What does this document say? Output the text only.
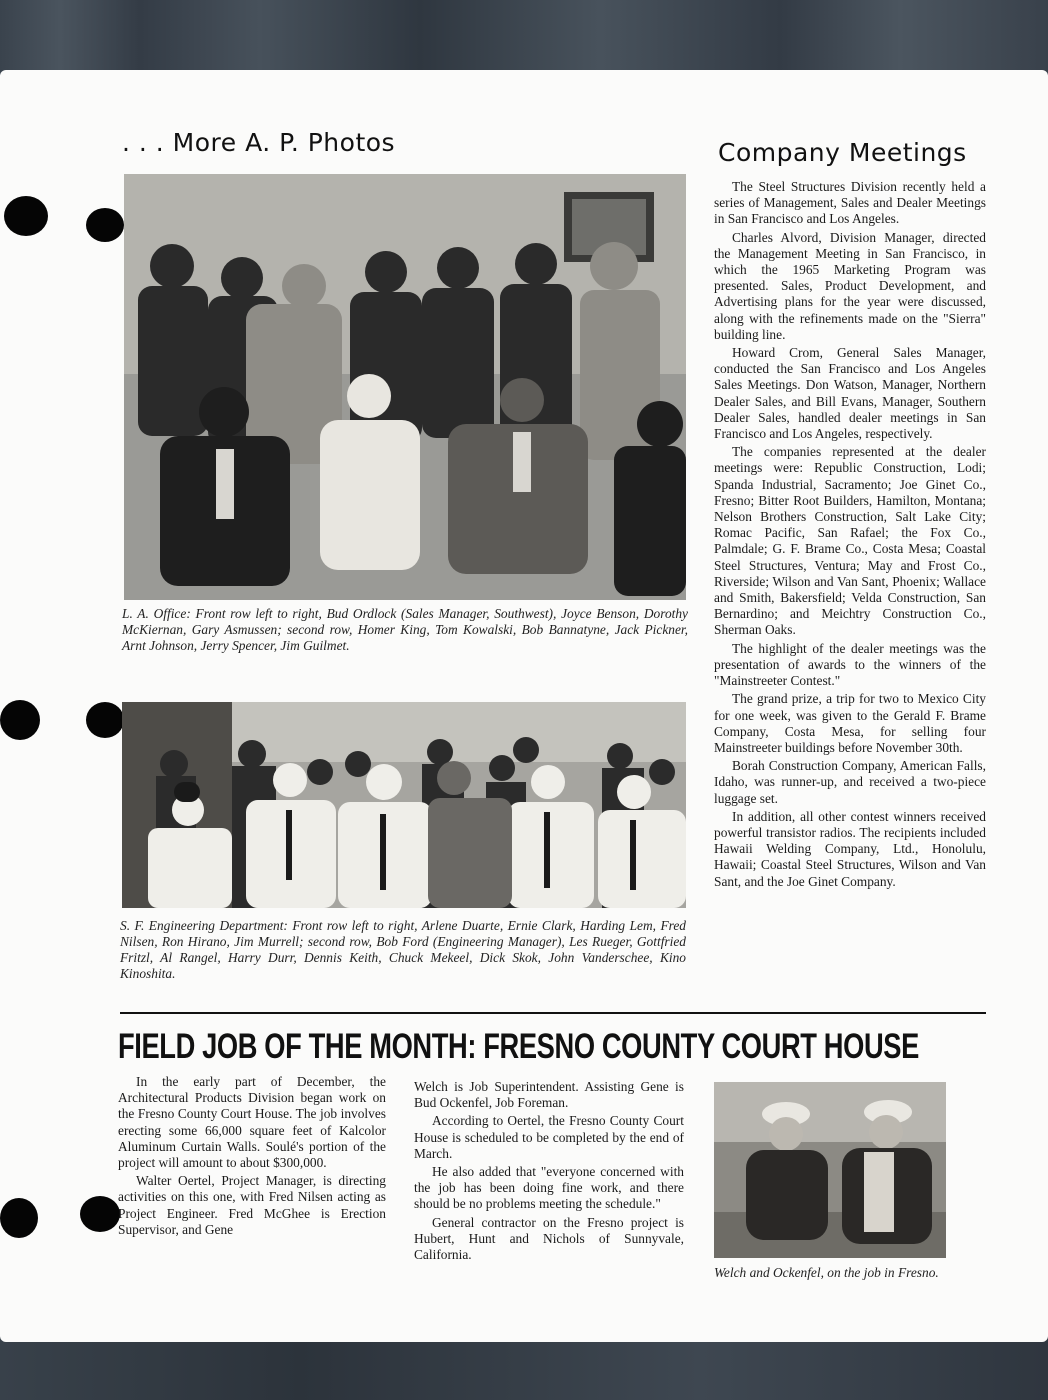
. . . More A. P. Photos	Company Meetings
L. A. Office: Front row left to right, Bud Ordlock (Sales Manager, Southwest), Joyce Benson, Dorothy McKiernan, Gary Asmussen; second row, Homer King, Tom Kowalski, Bob Bannatyne, Jack Pickner, Arnt Johnson, Jerry Spencer, Jim Guilmet.
S. F. Engineering Department: Front row left to right, Arlene Duarte, Ernie Clark, Harding Lem, Fred Nilsen, Ron Hirano, Jim Murrell; second row, Bob Ford (Engineering Manager), Les Rueger, Gottfried Fritzl, Al Rangel, Harry Durr, Dennis Keith, Chuck Mekeel, Dick Skok, John Vanderschee, Kino Kinoshita.

The Steel Structures Division recently held a series of Management, Sales and Dealer Meetings in San Francisco and Los Angeles.

Charles Alvord, Division Manager, directed the Management Meeting in San Francisco, in which the 1965 Marketing Program was presented. Sales, Product Development, and Advertising plans for the year were discussed, along with the refinements made on the "Sierra" building line.

Howard Crom, General Sales Manager, conducted the San Francisco and Los Angeles Sales Meetings. Don Watson, Manager, Northern Dealer Sales, and Bill Evans, Manager, Southern Dealer Sales, handled dealer meetings in San Francisco and Los Angeles, respectively.

The companies represented at the dealer meetings were: Republic Construction, Lodi; Spanda Industrial, Sacramento; Joe Ginet Co., Fresno; Bitter Root Builders, Hamilton, Montana; Nelson Brothers Construction, Salt Lake City; Romac Pacific, San Rafael; the Fox Co., Palmdale; G. F. Brame Co., Costa Mesa; Coastal Steel Structures, Ventura; May and Frost Co., Riverside; Wilson and Van Sant, Phoenix; Wallace and Smith, Bakersfield; Velda Construction, San Bernardino; and Meichtry Construction Co., Sherman Oaks.

The highlight of the dealer meetings was the presentation of awards to the winners of the "Mainstreeter Contest."

The grand prize, a trip for two to Mexico City for one week, was given to the Gerald F. Brame Company, Costa Mesa, for selling four Mainstreeter buildings before November 30th.

Borah Construction Company, American Falls, Idaho, was runner-up, and received a two-piece luggage set.

In addition, all other contest winners received powerful transistor radios. The recipients included Hawaii Welding Company, Ltd., Honolulu, Hawaii; Coastal Steel Structures, Wilson and Van Sant, and the Joe Ginet Company.

FIELD JOB OF THE MONTH: FRESNO COUNTY COURT HOUSE

In the early part of December, the Architectural Products Division began work on the Fresno County Court House. The job involves erecting some 66,000 square feet of Kalcolor Aluminum Curtain Walls. Soulé's portion of the project will amount to about $300,000.

Walter Oertel, Project Manager, is directing activities on this one, with Fred Nilsen acting as Project Engineer. Fred McGhee is Erection Supervisor, and Gene

Welch is Job Superintendent. Assisting Gene is Bud Ockenfel, Job Foreman.

According to Oertel, the Fresno County Court House is scheduled to be completed by the end of March.

He also added that "everyone concerned with the job has been doing fine work, and there should be no problems meeting the schedule."

General contractor on the Fresno project is Hubert, Hunt and Nichols of Sunnyvale, California.

Welch and Ockenfel, on the job in Fresno.
